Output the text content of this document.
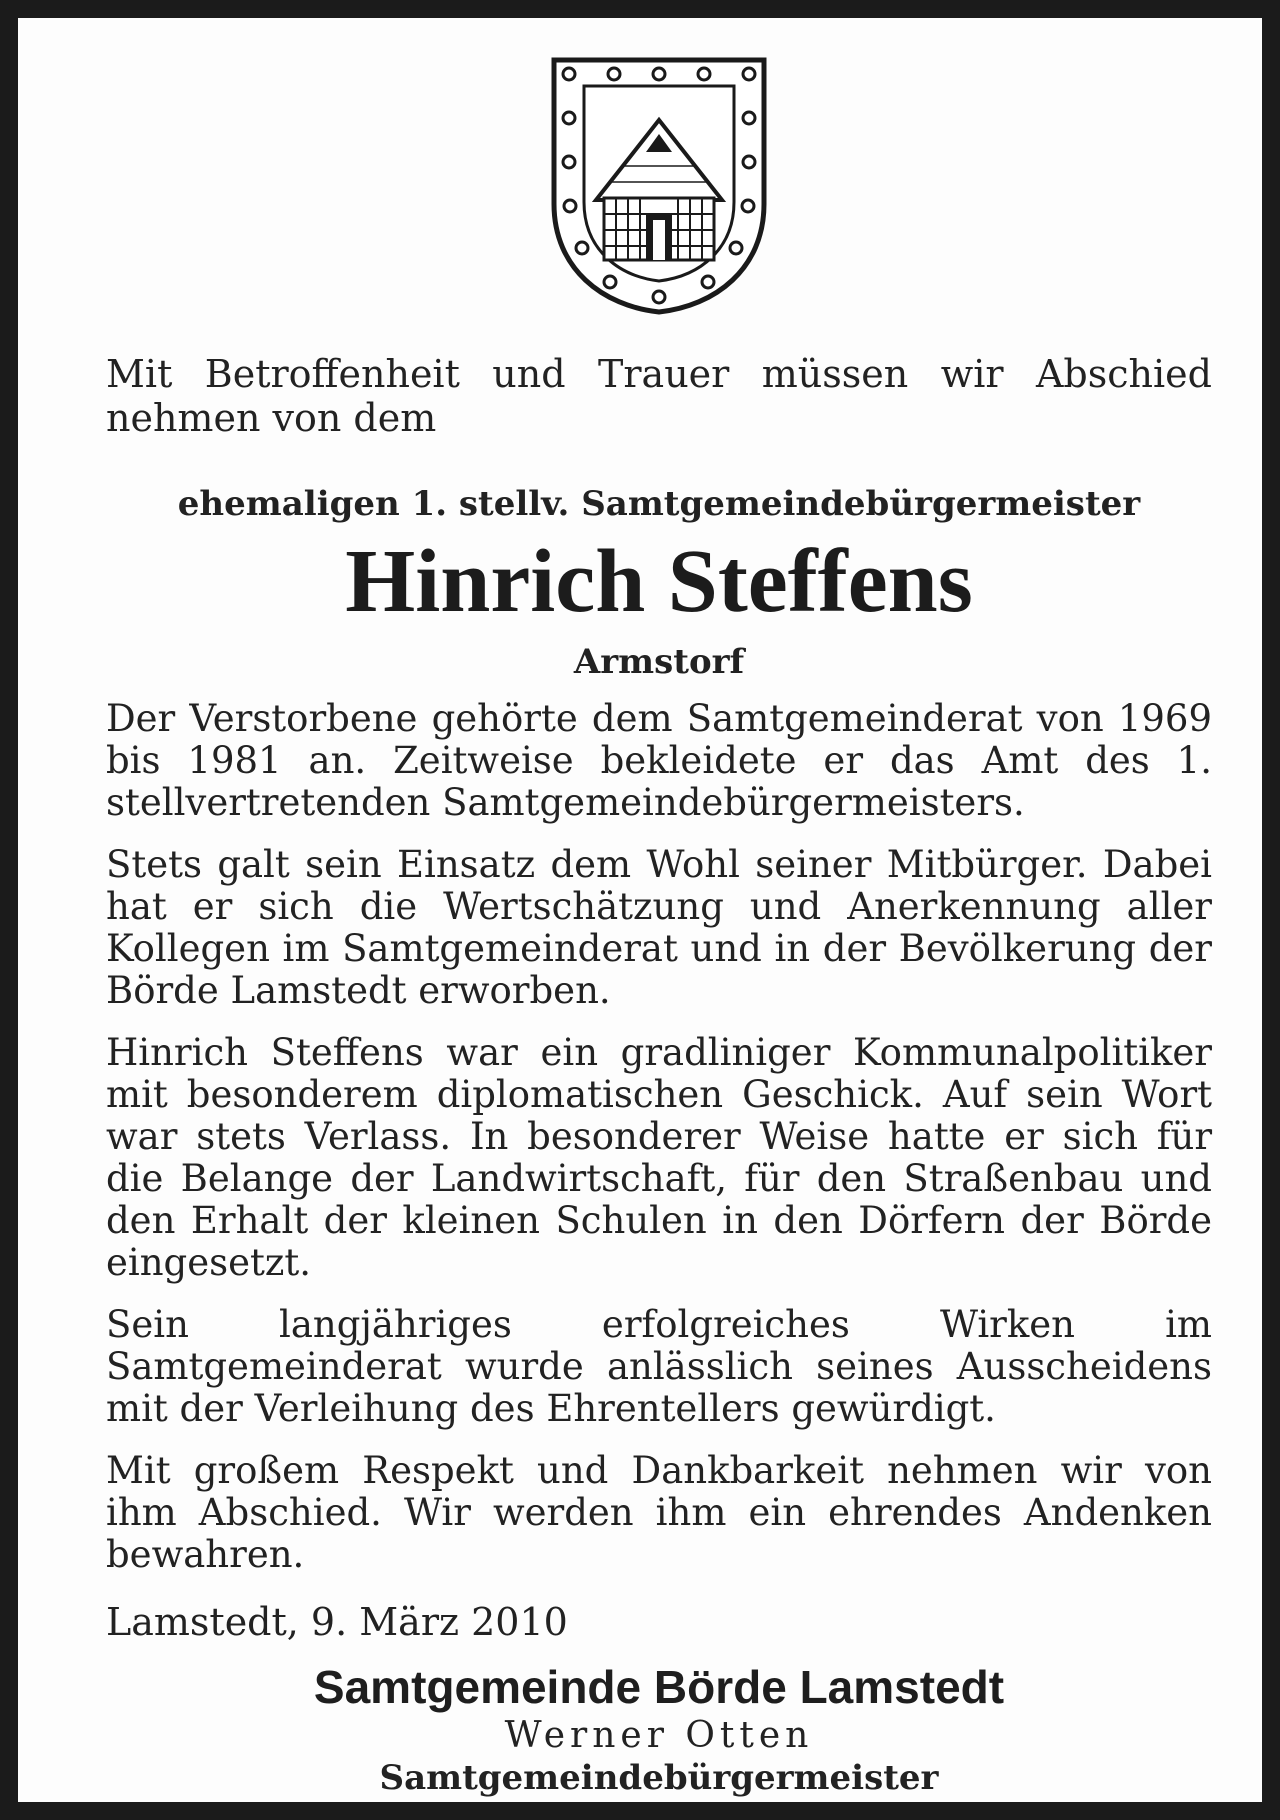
Mit Betroffenheit und Trauer müssen wir Abschied nehmen von dem

ehemaligen 1. stellv. Samtgemeindebürgermeister

Hinrich Steffens

Armstorf

Der Verstorbene gehörte dem Samtgemeinderat von 1969 bis 1981 an. Zeitweise bekleidete er das Amt des 1. stellvertretenden Samtgemeindebürgermeisters.

Stets galt sein Einsatz dem Wohl seiner Mitbürger. Dabei hat er sich die Wertschätzung und Anerkennung aller Kollegen im Samtgemeinderat und in der Bevölkerung der Börde Lamstedt erworben.

Hinrich Steffens war ein gradliniger Kommunalpolitiker mit besonderem diplomatischen Geschick. Auf sein Wort war stets Verlass. In besonderer Weise hatte er sich für die Belange der Landwirtschaft, für den Straßenbau und den Erhalt der kleinen Schulen in den Dörfern der Börde eingesetzt.

Sein langjähriges erfolgreiches Wirken im Samtgemeinderat wurde anlässlich seines Ausscheidens mit der Verleihung des Ehrentellers gewürdigt.

Mit großem Respekt und Dankbarkeit nehmen wir von ihm Abschied. Wir werden ihm ein ehrendes Andenken bewahren.

Lamstedt, 9. März 2010

Samtgemeinde Börde Lamstedt

Werner Otten

Samtgemeindebürgermeister
